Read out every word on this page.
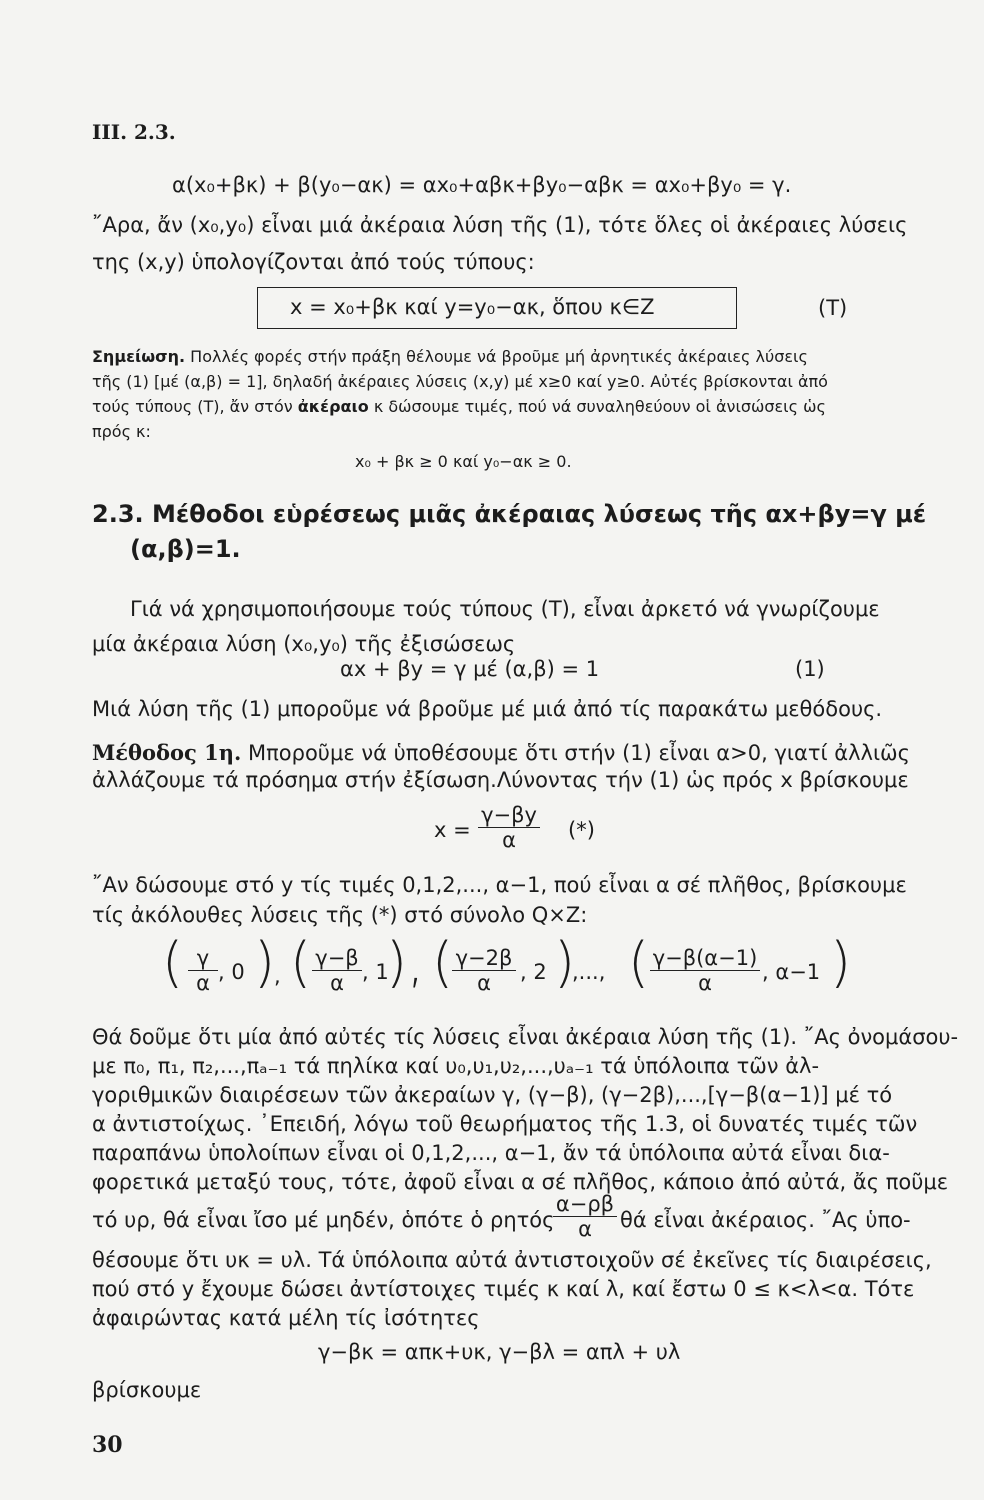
III. 2.3.
α(x₀+βκ) + β(y₀−ακ) = αx₀+αβκ+βy₀−αβκ = αx₀+βy₀ = γ.
῎Αρα, ἄν (x₀,y₀) εἶναι μιά ἀκέραια λύση τῆς (1), τότε ὅλες οἱ ἀκέραιες λύσεις
της (x,y) ὑπολογίζονται ἀπό τούς τύπους:
x = x₀+βκ καί y=y₀−ακ, ὅπου κ∈Z	(T)
Σημείωση. Πολλές φορές στήν πράξη θέλουμε νά βροῦμε μή ἀρνητικές ἀκέραιες λύσεις
τῆς (1) [μέ (α,β) = 1], δηλαδή ἀκέραιες λύσεις (x,y) μέ x≥0 καί y≥0. Αὐτές βρίσκονται ἀπό
τούς τύπους (T), ἄν στόν ἀκέραιο κ δώσουμε τιμές, πού νά συναληθεύουν οἱ ἀνισώσεις ὡς
πρός κ:
x₀ + βκ ≥ 0 καί y₀−ακ ≥ 0.
2.3. Μέθοδοι εὑρέσεως μιᾶς ἀκέραιας λύσεως τῆς αx+βy=γ μέ
(α,β)=1.
Γιά νά χρησιμοποιήσουμε τούς τύπους (T), εἶναι ἀρκετό νά γνωρίζουμε
μία ἀκέραια λύση (x₀,y₀) τῆς ἐξισώσεως
αx + βy = γ μέ (α,β) = 1	(1)
Μιά λύση τῆς (1) μποροῦμε νά βροῦμε μέ μιά ἀπό τίς παρακάτω μεθόδους.
Μέθοδος 1η. Μποροῦμε νά ὑποθέσουμε ὅτι στήν (1) εἶναι α>0, γιατί ἀλλιῶς
ἀλλάζουμε τά πρόσημα στήν ἐξίσωση.Λύνοντας τήν (1) ὡς πρός x βρίσκουμε
$x = \frac{\gamma-\beta y}{\alpha}$ (*)
῎Αν δώσουμε στό y τίς τιμές 0,1,2,..., α−1, πού εἶναι α σέ πλῆθος, βρίσκουμε
τίς ἀκόλουθες λύσεις τῆς (*) στό σύνολο Q×Z:
( $\frac{\gamma}{\alpha}$ , 0 )
, ( $\frac{\gamma-\beta}{\alpha}$ , 1
), (
$\frac{\gamma-2\beta}{\alpha}$ , 2 )
,..., ( $\frac{\gamma-\beta(\alpha-1)}{\alpha}$ , α−1 )
Θά δοῦμε ὅτι μία ἀπό αὐτές τίς λύσεις εἶναι ἀκέραια λύση τῆς (1). ῎Ας ὀνομάσου-
με π₀, π₁, π₂,...,πₐ₋₁ τά πηλίκα καί υ₀,υ₁,υ₂,...,υₐ₋₁ τά ὑπόλοιπα τῶν ἀλ-
γοριθμικῶν διαιρέσεων τῶν ἀκεραίων γ, (γ−β), (γ−2β),...,[γ−β(α−1)] μέ τό
α ἀντιστοίχως. ᾿Επειδή, λόγω τοῦ θεωρήματος τῆς 1.3, οἱ δυνατές τιμές τῶν
παραπάνω ὑπολοίπων εἶναι οἱ 0,1,2,..., α−1, ἄν τά ὑπόλοιπα αὐτά εἶναι δια-
φορετικά μεταξύ τους, τότε, ἀφοῦ εἶναι α σέ πλῆθος, κάποιο ἀπό αὐτά, ἄς ποῦμε
τό υρ, θά εἶναι ἴσο μέ μηδέν, ὁπότε ὁ ρητός
$\frac{\alpha-\rho\beta}{\alpha}$ θά εἶναι ἀκέραιος. ῎Ας ὑπο-
θέσουμε ὅτι υκ = υλ. Τά ὑπόλοιπα αὐτά ἀντιστοιχοῦν σέ ἐκεῖνες τίς διαιρέσεις,
πού στό y ἔχουμε δώσει ἀντίστοιχες τιμές κ καί λ, καί ἔστω 0 ≤ κ<λ<α. Τότε
ἀφαιρώντας κατά μέλη τίς ἰσότητες
γ−βκ = απκ+υκ, γ−βλ = απλ + υλ
βρίσκουμε
30
